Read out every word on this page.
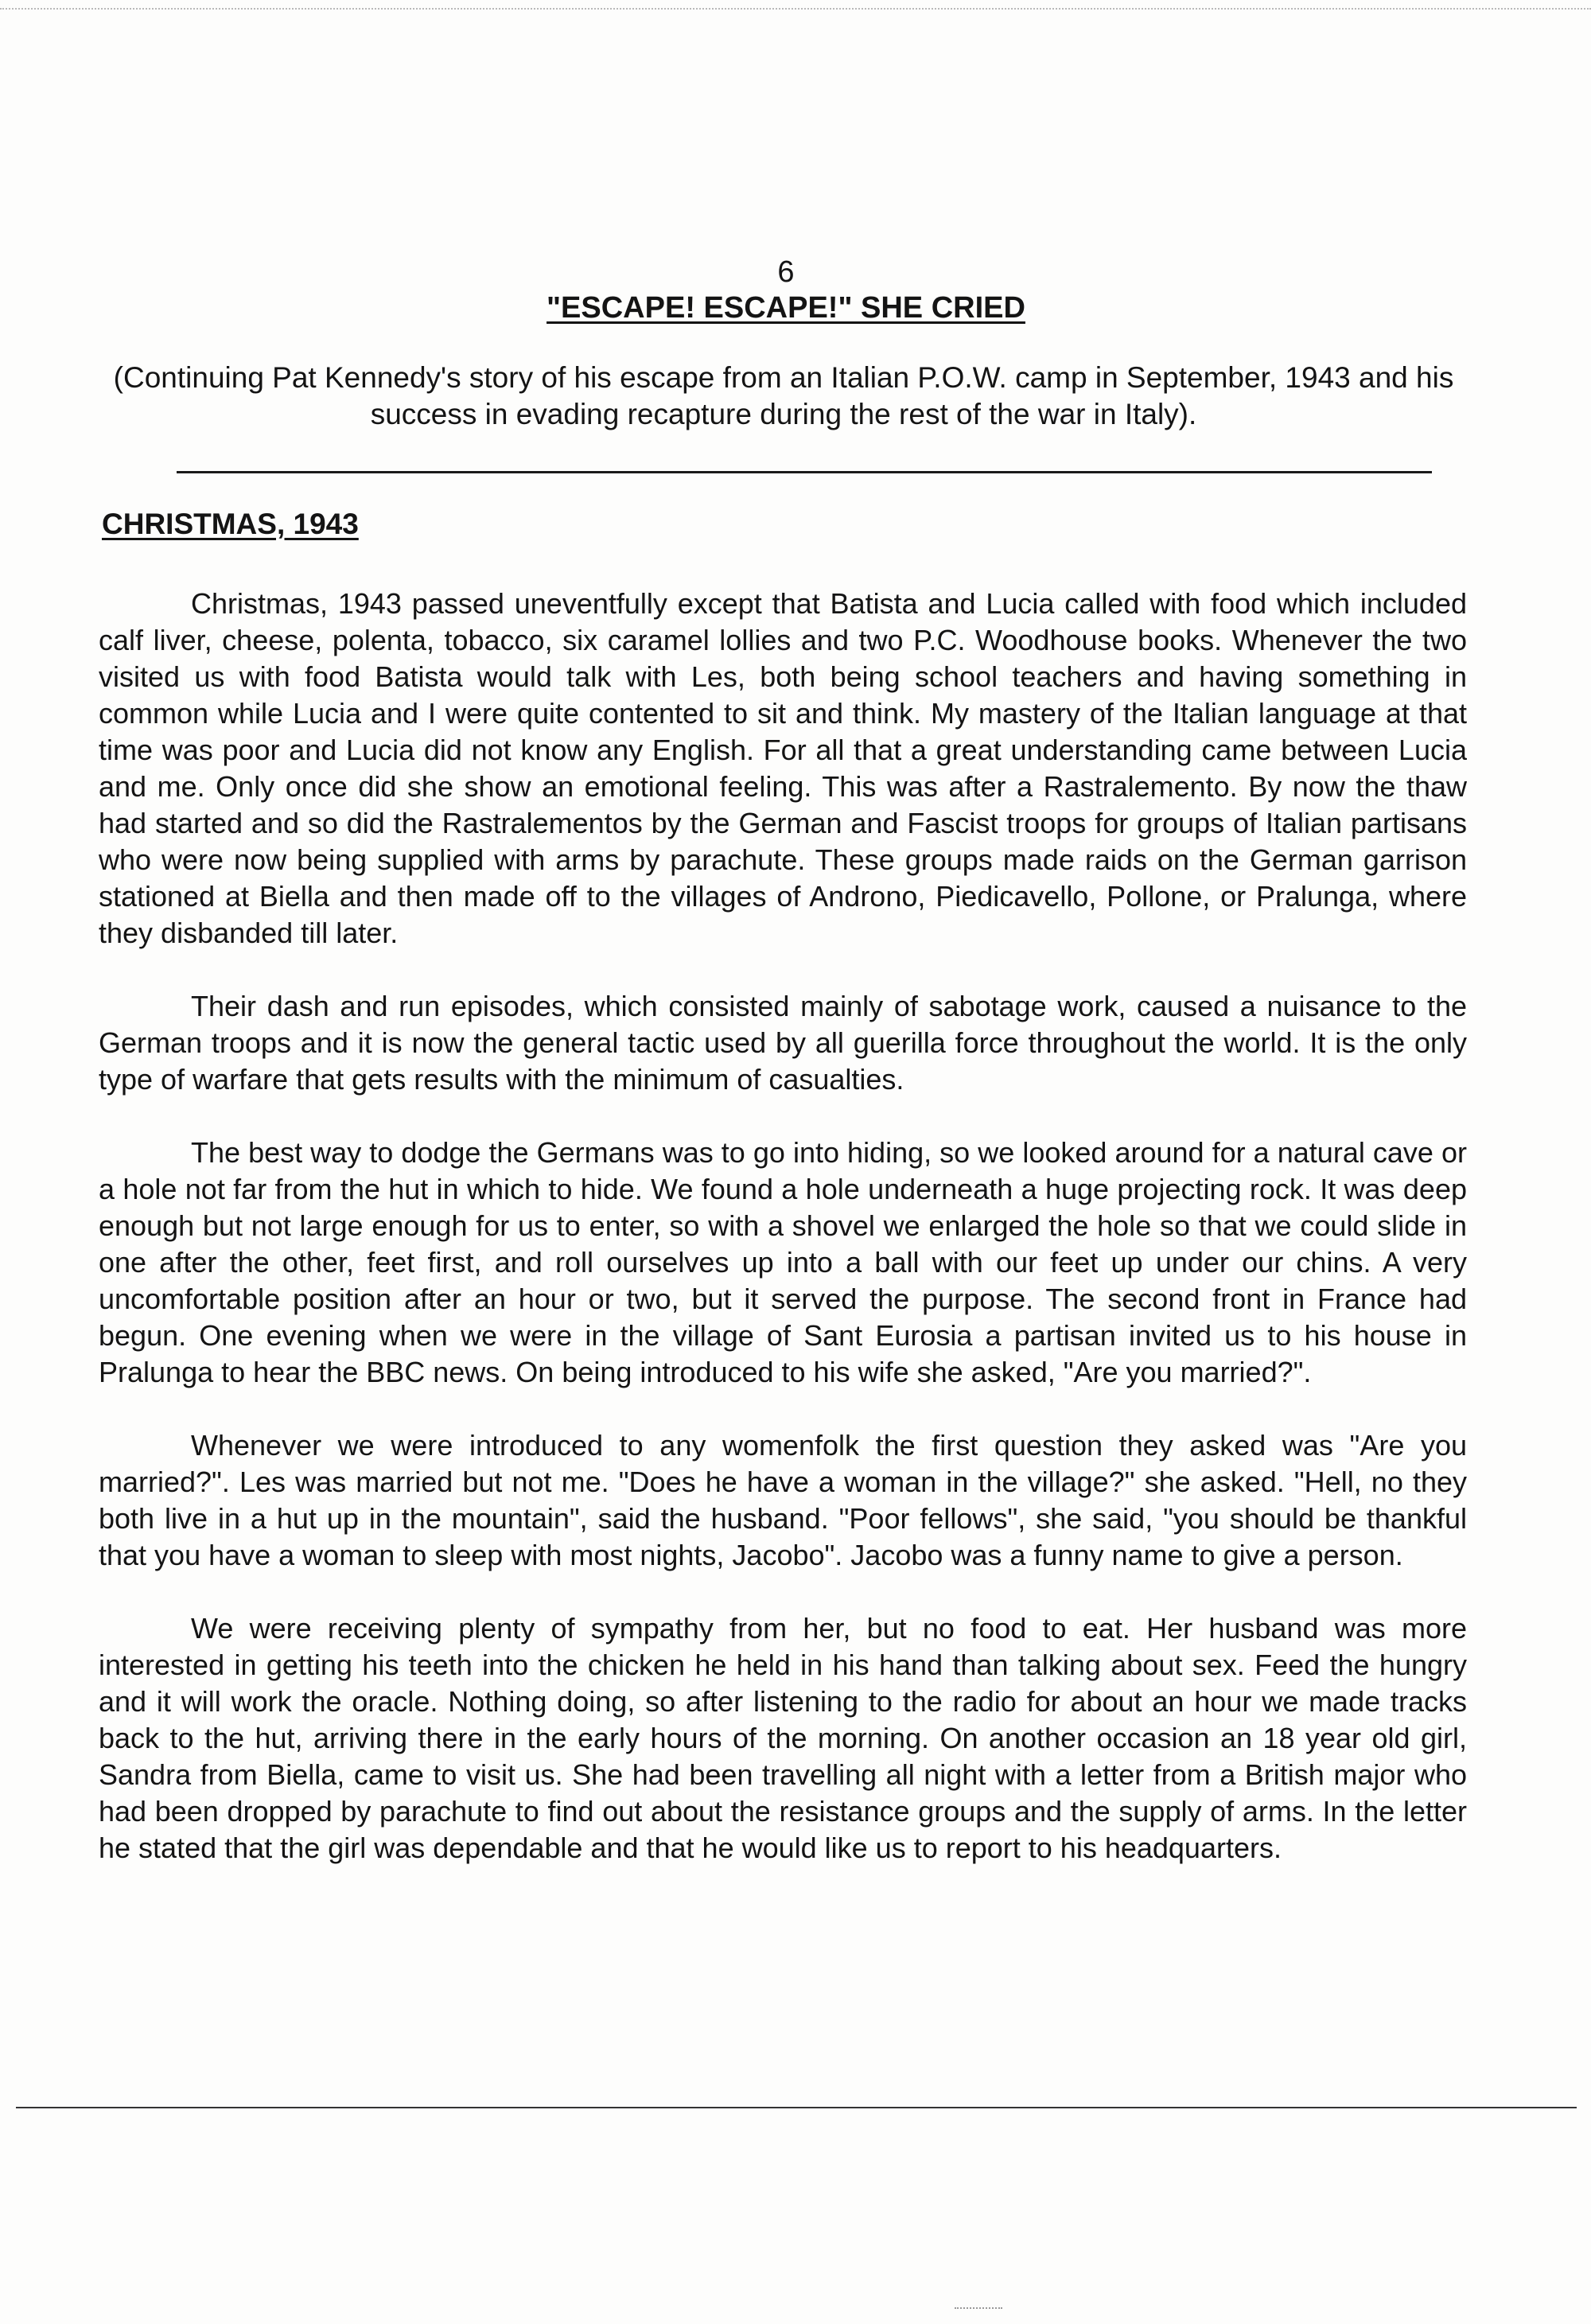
6
"ESCAPE! ESCAPE!" SHE CRIED
(Continuing Pat Kennedy's story of his escape from an Italian P.O.W. camp in September, 1943 and his success in evading recapture during the rest of the war in Italy).
CHRISTMAS, 1943

Christmas, 1943 passed uneventfully except that Batista and Lucia called with food which included calf liver, cheese, polenta, tobacco, six caramel lollies and two P.C. Woodhouse books. Whenever the two visited us with food Batista would talk with Les, both being school teachers and having something in common while Lucia and I were quite contented to sit and think. My mastery of the Italian language at that time was poor and Lucia did not know any English. For all that a great understanding came between Lucia and me. Only once did she show an emotional feeling. This was after a Rastralemento. By now the thaw had started and so did the Rastralementos by the German and Fascist troops for groups of Italian partisans who were now being supplied with arms by parachute. These groups made raids on the German garrison stationed at Biella and then made off to the villages of Androno, Piedicavello, Pollone, or Pralunga, where they disbanded till later.

Their dash and run episodes, which consisted mainly of sabotage work, caused a nuisance to the German troops and it is now the general tactic used by all guerilla force throughout the world. It is the only type of warfare that gets results with the minimum of casualties.

The best way to dodge the Germans was to go into hiding, so we looked around for a natural cave or a hole not far from the hut in which to hide. We found a hole underneath a huge projecting rock. It was deep enough but not large enough for us to enter, so with a shovel we enlarged the hole so that we could slide in one after the other, feet first, and roll ourselves up into a ball with our feet up under our chins. A very uncomfortable position after an hour or two, but it served the purpose. The second front in France had begun. One evening when we were in the village of Sant Eurosia a partisan invited us to his house in Pralunga to hear the BBC news. On being introduced to his wife she asked, "Are you married?".

Whenever we were introduced to any womenfolk the first question they asked was "Are you married?". Les was married but not me. "Does he have a woman in the village?" she asked. "Hell, no they both live in a hut up in the mountain", said the husband. "Poor fellows", she said, "you should be thankful that you have a woman to sleep with most nights, Jacobo". Jacobo was a funny name to give a person.

We were receiving plenty of sympathy from her, but no food to eat. Her husband was more interested in getting his teeth into the chicken he held in his hand than talking about sex. Feed the hungry and it will work the oracle. Nothing doing, so after listening to the radio for about an hour we made tracks back to the hut, arriving there in the early hours of the morning. On another occasion an 18 year old girl, Sandra from Biella, came to visit us. She had been travelling all night with a letter from a British major who had been dropped by parachute to find out about the resistance groups and the supply of arms. In the letter he stated that the girl was dependable and that he would like us to report to his headquarters.
